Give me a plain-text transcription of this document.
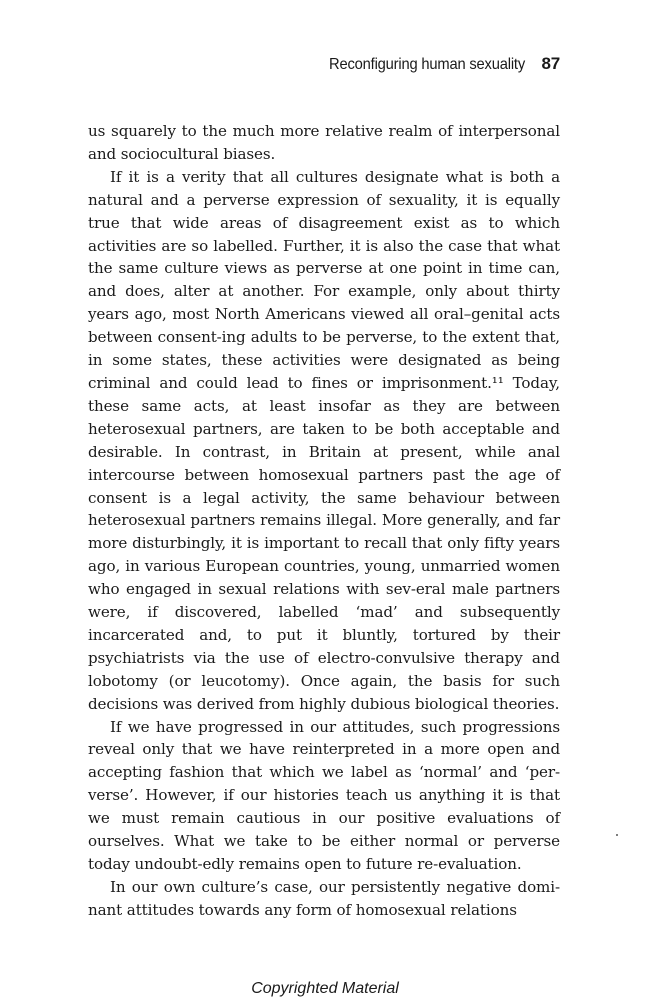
Reconfiguring human sexuality 87

us squarely to the much more relative realm of interpersonal and sociocultural biases.

If it is a verity that all cultures designate what is both a natural and a perverse expression of sexuality, it is equally true that wide areas of disagreement exist as to which activities are so labelled. Further, it is also the case that what the same culture views as perverse at one point in time can, and does, alter at another. For example, only about thirty years ago, most North Americans viewed all oral–genital acts between consent-ing adults to be perverse, to the extent that, in some states, these activities were designated as being criminal and could lead to fines or imprisonment.¹¹ Today, these same acts, at least insofar as they are between heterosexual partners, are taken to be both acceptable and desirable. In contrast, in Britain at present, while anal intercourse between homosexual partners past the age of consent is a legal activity, the same behaviour between heterosexual partners remains illegal. More generally, and far more disturbingly, it is important to recall that only fifty years ago, in various European countries, young, unmarried women who engaged in sexual relations with sev-eral male partners were, if discovered, labelled ‘mad’ and subsequently incarcerated and, to put it bluntly, tortured by their psychiatrists via the use of electro-convulsive therapy and lobotomy (or leucotomy). Once again, the basis for such decisions was derived from highly dubious biological theories.

If we have progressed in our attitudes, such progressions reveal only that we have reinterpreted in a more open and accepting fashion that which we label as ‘normal’ and ‘per-verse’. However, if our histories teach us anything it is that we must remain cautious in our positive evaluations of ourselves. What we take to be either normal or perverse today undoubt-edly remains open to future re-evaluation.

In our own culture’s case, our persistently negative domi-nant attitudes towards any form of homosexual relations

Copyrighted Material
